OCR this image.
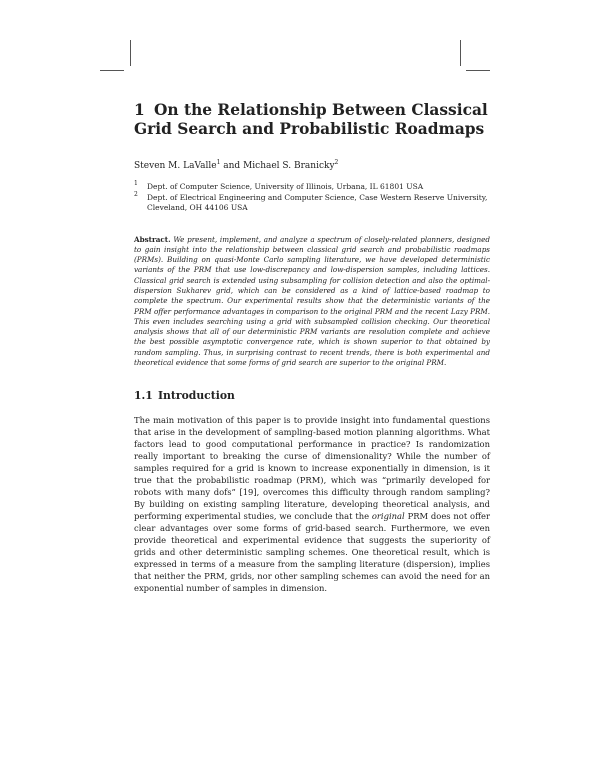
1 On the Relationship Between Classical Grid Search and Probabilistic Roadmaps
Steven M. LaValle$^1$ and Michael S. Branicky$^2$
1 Dept. of Computer Science, University of Illinois, Urbana, IL 61801 USA
2 Dept. of Electrical Engineering and Computer Science, Case Western Reserve University, Cleveland, OH 44106 USA
Abstract. We present, implement, and analyze a spectrum of closely-related planners, designed to gain insight into the relationship between classical grid search and probabilistic roadmaps (PRMs). Building on quasi-Monte Carlo sampling literature, we have developed deterministic variants of the PRM that use low-discrepancy and low-dispersion samples, including lattices. Classical grid search is extended using subsampling for collision detection and also the optimal-dispersion Sukharev grid, which can be considered as a kind of lattice-based roadmap to complete the spectrum. Our experimental results show that the deterministic variants of the PRM offer performance advantages in comparison to the original PRM and the recent Lazy PRM. This even includes searching using a grid with subsampled collision checking. Our theoretical analysis shows that all of our deterministic PRM variants are resolution complete and achieve the best possible asymptotic convergence rate, which is shown superior to that obtained by random sampling. Thus, in surprising contrast to recent trends, there is both experimental and theoretical evidence that some forms of grid search are superior to the original PRM.
1.1 Introduction
The main motivation of this paper is to provide insight into fundamental questions that arise in the development of sampling-based motion planning algorithms. What factors lead to good computational performance in practice? Is randomization really important to breaking the curse of dimensionality? While the number of samples required for a grid is known to increase exponentially in dimension, is it true that the probabilistic roadmap (PRM), which was “primarily developed for robots with many dofs” [19], overcomes this difficulty through random sampling? By building on existing sampling literature, developing theoretical analysis, and performing experimental studies, we conclude that the original PRM does not offer clear advantages over some forms of grid-based search. Furthermore, we even provide theoretical and experimental evidence that suggests the superiority of grids and other deterministic sampling schemes. One theoretical result, which is expressed in terms of a measure from the sampling literature (dispersion), implies that neither the PRM, grids, nor other sampling schemes can avoid the need for an exponential number of samples in dimension.
